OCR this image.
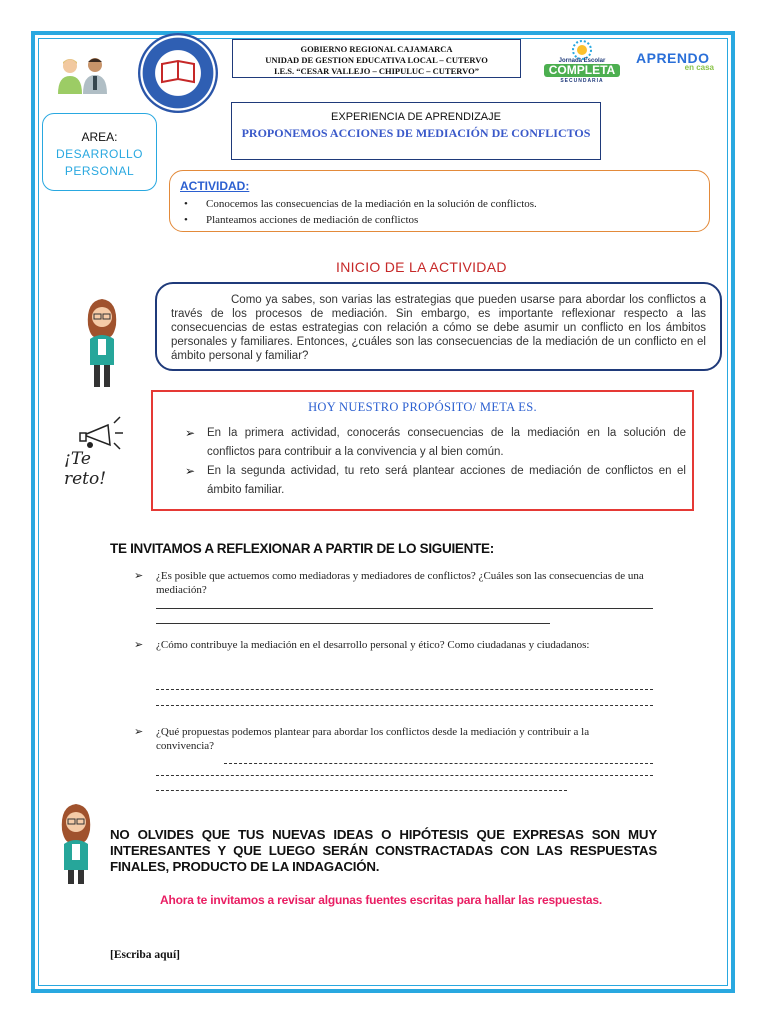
GOBIERNO REGIONAL CAJAMARCA
UNIDAD DE GESTION EDUCATIVA LOCAL – CUTERVO
I.E.S. “CESAR VALLEJO – CHIPULUC – CUTERVO”
Jornada Escolar
COMPLETA
SECUNDARIA
APRENDO
en casa
EXPERIENCIA DE APRENDIZAJE
PROPONEMOS ACCIONES DE MEDIACIÓN DE CONFLICTOS
AREA:
DESARROLLO
PERSONAL
ACTIVIDAD:
• Conocemos las consecuencias de la mediación en la solución de conflictos.
• Planteamos acciones de mediación de conflictos
INICIO DE LA ACTIVIDAD

Como ya sabes, son varias las estrategias que pueden usarse para abordar los conflictos a través de los procesos de mediación. Sin embargo, es importante reflexionar respecto a las consecuencias de estas estrategias con relación a cómo se debe asumir un conflicto en los ámbitos personales y familiares. Entonces, ¿cuáles son las consecuencias de la mediación de un conflicto en el ámbito personal y familiar?

¡Te reto!
HOY NUESTRO PROPÓSITO/ META ES.
➢ En la primera actividad, conocerás consecuencias de la mediación en la solución de conflictos para contribuir a la convivencia y al bien común.
➢ En la segunda actividad, tu reto será plantear acciones de mediación de conflictos en el ámbito familiar.
TE INVITAMOS A REFLEXIONAR A PARTIR DE LO SIGUIENTE:
➢ ¿Es posible que actuemos como mediadoras y mediadores de conflictos? ¿Cuáles son las consecuencias de una mediación?
➢ ¿Cómo contribuye la mediación en el desarrollo personal y ético? Como ciudadanas y ciudadanos:
➢ ¿Qué propuestas podemos plantear para abordar los conflictos desde la mediación y contribuir a la
convivencia?
NO OLVIDES QUE TUS NUEVAS IDEAS O HIPÓTESIS QUE EXPRESAS SON MUY INTERESANTES Y QUE LUEGO SERÁN CONSTRACTADAS CON LAS RESPUESTAS FINALES, PRODUCTO DE LA INDAGACIÓN.
Ahora te invitamos a revisar algunas fuentes escritas para hallar las respuestas.
[Escriba aquí]
